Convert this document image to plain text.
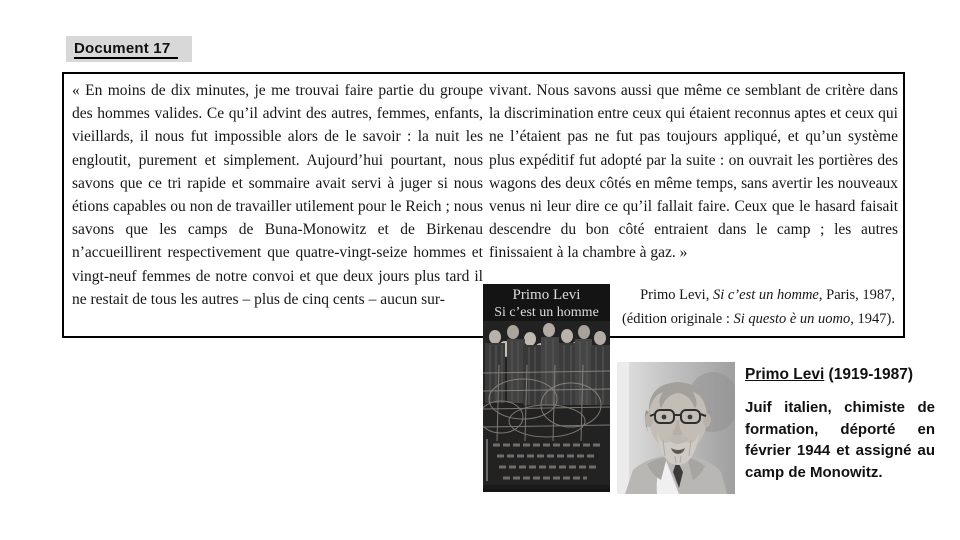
Document 17
« En moins de dix minutes, je me trouvai faire partie du groupe des hommes valides. Ce qu’il advint des autres, femmes, enfants, vieillards, il nous fut impossible alors de le savoir : la nuit les engloutit, purement et simplement. Aujourd’hui pourtant, nous savons que ce tri rapide et sommaire avait servi à juger si nous étions capables ou non de travailler utilement pour le Reich ; nous savons que les camps de Buna-Monowitz et de Birkenau n’accueillirent respectivement que quatre-vingt-seize hommes et vingt-neuf femmes de notre convoi et que deux jours plus tard il ne restait de tous les autres – plus de cinq cents – aucun sur-
vivant. Nous savons aussi que même ce semblant de critère dans la discrimination entre ceux qui étaient reconnus aptes et ceux qui ne l’étaient pas ne fut pas toujours appliqué, et qu’un système plus expéditif fut adopté par la suite : on ouvrait les portières des wagons des deux côtés en même temps, sans avertir les nouveaux venus ni leur dire ce qu’il fallait faire. Ceux que le hasard faisait descendre du bon côté entraient dans le camp ; les autres finissaient à la chambre à gaz. »
Primo Levi, Si c’est un homme, Paris, 1987,
(édition originale : Si questo è un uomo, 1947).
Primo Levi
Si c’est un homme
Primo Levi (1919-1987)
Juif italien, chimiste de formation, déporté en février 1944 et assigné au camp de Monowitz.
